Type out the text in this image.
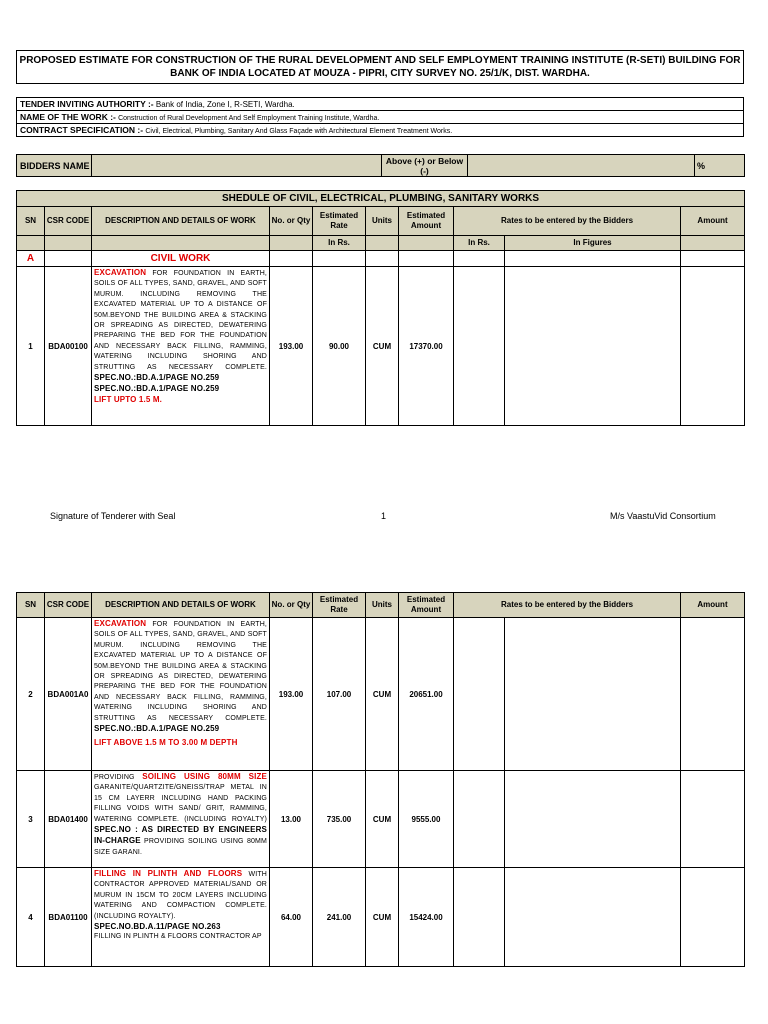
PROPOSED ESTIMATE FOR CONSTRUCTION OF THE RURAL DEVELOPMENT AND SELF EMPLOYMENT TRAINING INSTITUTE (R-SETI) BUILDING FOR
BANK OF INDIA LOCATED AT MOUZA - PIPRI, CITY SURVEY NO. 25/1/K, DIST. WARDHA.
TENDER INVITING AUTHORITY :- Bank of India, Zone I, R-SETI, Wardha.
NAME OF THE WORK :- Construction of Rural Development And Self Employment Training Institute, Wardha.
CONTRACT SPECIFICATION :- Civil, Electrical, Plumbing, Sanitary And Glass Façade with Architectural Element Treatment Works.
BIDDERS NAME		Above (+) or Below (-)		%
SHEDULE OF CIVIL, ELECTRICAL, PLUMBING, SANITARY WORKS									
SN	CSR CODE	DESCRIPTION AND DETAILS OF WORK	No. or Qty	Estimated Rate	Units	Estimated Amount	Rates to be entered by the Bidders		Amount
				In Rs.			In Rs.	In Figures	
A		CIVIL WORK							
1	BDA00100	EXCAVATION FOR FOUNDATION IN EARTH, SOILS OF ALL TYPES, SAND, GRAVEL, AND SOFT MURUM. INCLUDING REMOVING THE EXCAVATED MATERIAL UP TO A DISTANCE OF 50M.BEYOND THE BUILDING AREA & STACKING OR SPREADING AS DIRECTED, DEWATERING PREPARING THE BED FOR THE FOUNDATION AND NECESSARY BACK FILLING, RAMMING, WATERING INCLUDING SHORING AND STRUTTING AS NECESSARY COMPLETE. SPEC.NO.:BD.A.1/PAGE NO.259
SPEC.NO.:BD.A.1/PAGE NO.259
LIFT UPTO 1.5 M.	193.00	90.00	CUM	17370.00			
Signature of Tenderer with Seal	1	M/s VaastuVid Consortium
SN	CSR CODE	DESCRIPTION AND DETAILS OF WORK	No. or Qty	Estimated Rate	Units	Estimated Amount	Rates to be entered by the Bidders		Amount
2	BDA001A0	EXCAVATION FOR FOUNDATION IN EARTH, SOILS OF ALL TYPES, SAND, GRAVEL, AND SOFT MURUM. INCLUDING REMOVING THE EXCAVATED MATERIAL UP TO A DISTANCE OF 50M.BEYOND THE BUILDING AREA & STACKING OR SPREADING AS DIRECTED, DEWATERING PREPARING THE BED FOR THE FOUNDATION AND NECESSARY BACK FILLING, RAMMING, WATERING INCLUDING SHORING AND STRUTTING AS NECESSARY COMPLETE. SPEC.NO.:BD.A.1/PAGE NO.259
LIFT ABOVE 1.5 M TO 3.00 M DEPTH	193.00	107.00	CUM	20651.00			
3	BDA01400	PROVIDING SOILING USING 80MM SIZE GARANITE/QUARTZITE/GNEISS/TRAP METAL IN 15 CM LAYERR INCLUDING HAND PACKING FILLING VOIDS WITH SAND/ GRIT, RAMMING, WATERING COMPLETE. (INCLUDING ROYALTY) SPEC.NO : AS DIRECTED BY ENGINEERS IN-CHARGE PROVIDING SOILING USING 80MM SIZE GARANI.	13.00	735.00	CUM	9555.00			
4	BDA01100	FILLING IN PLINTH AND FLOORS WITH CONTRACTOR APPROVED MATERIAL/SAND OR MURUM IN 15CM TO 20CM LAYERS INCLUDING WATERING AND COMPACTION COMPLETE. (INCLUDING ROYALTY).
SPEC.NO.BD.A.11/PAGE NO.263
FILLING IN PLINTH & FLOORS CONTRACTOR AP	64.00	241.00	CUM	15424.00			
